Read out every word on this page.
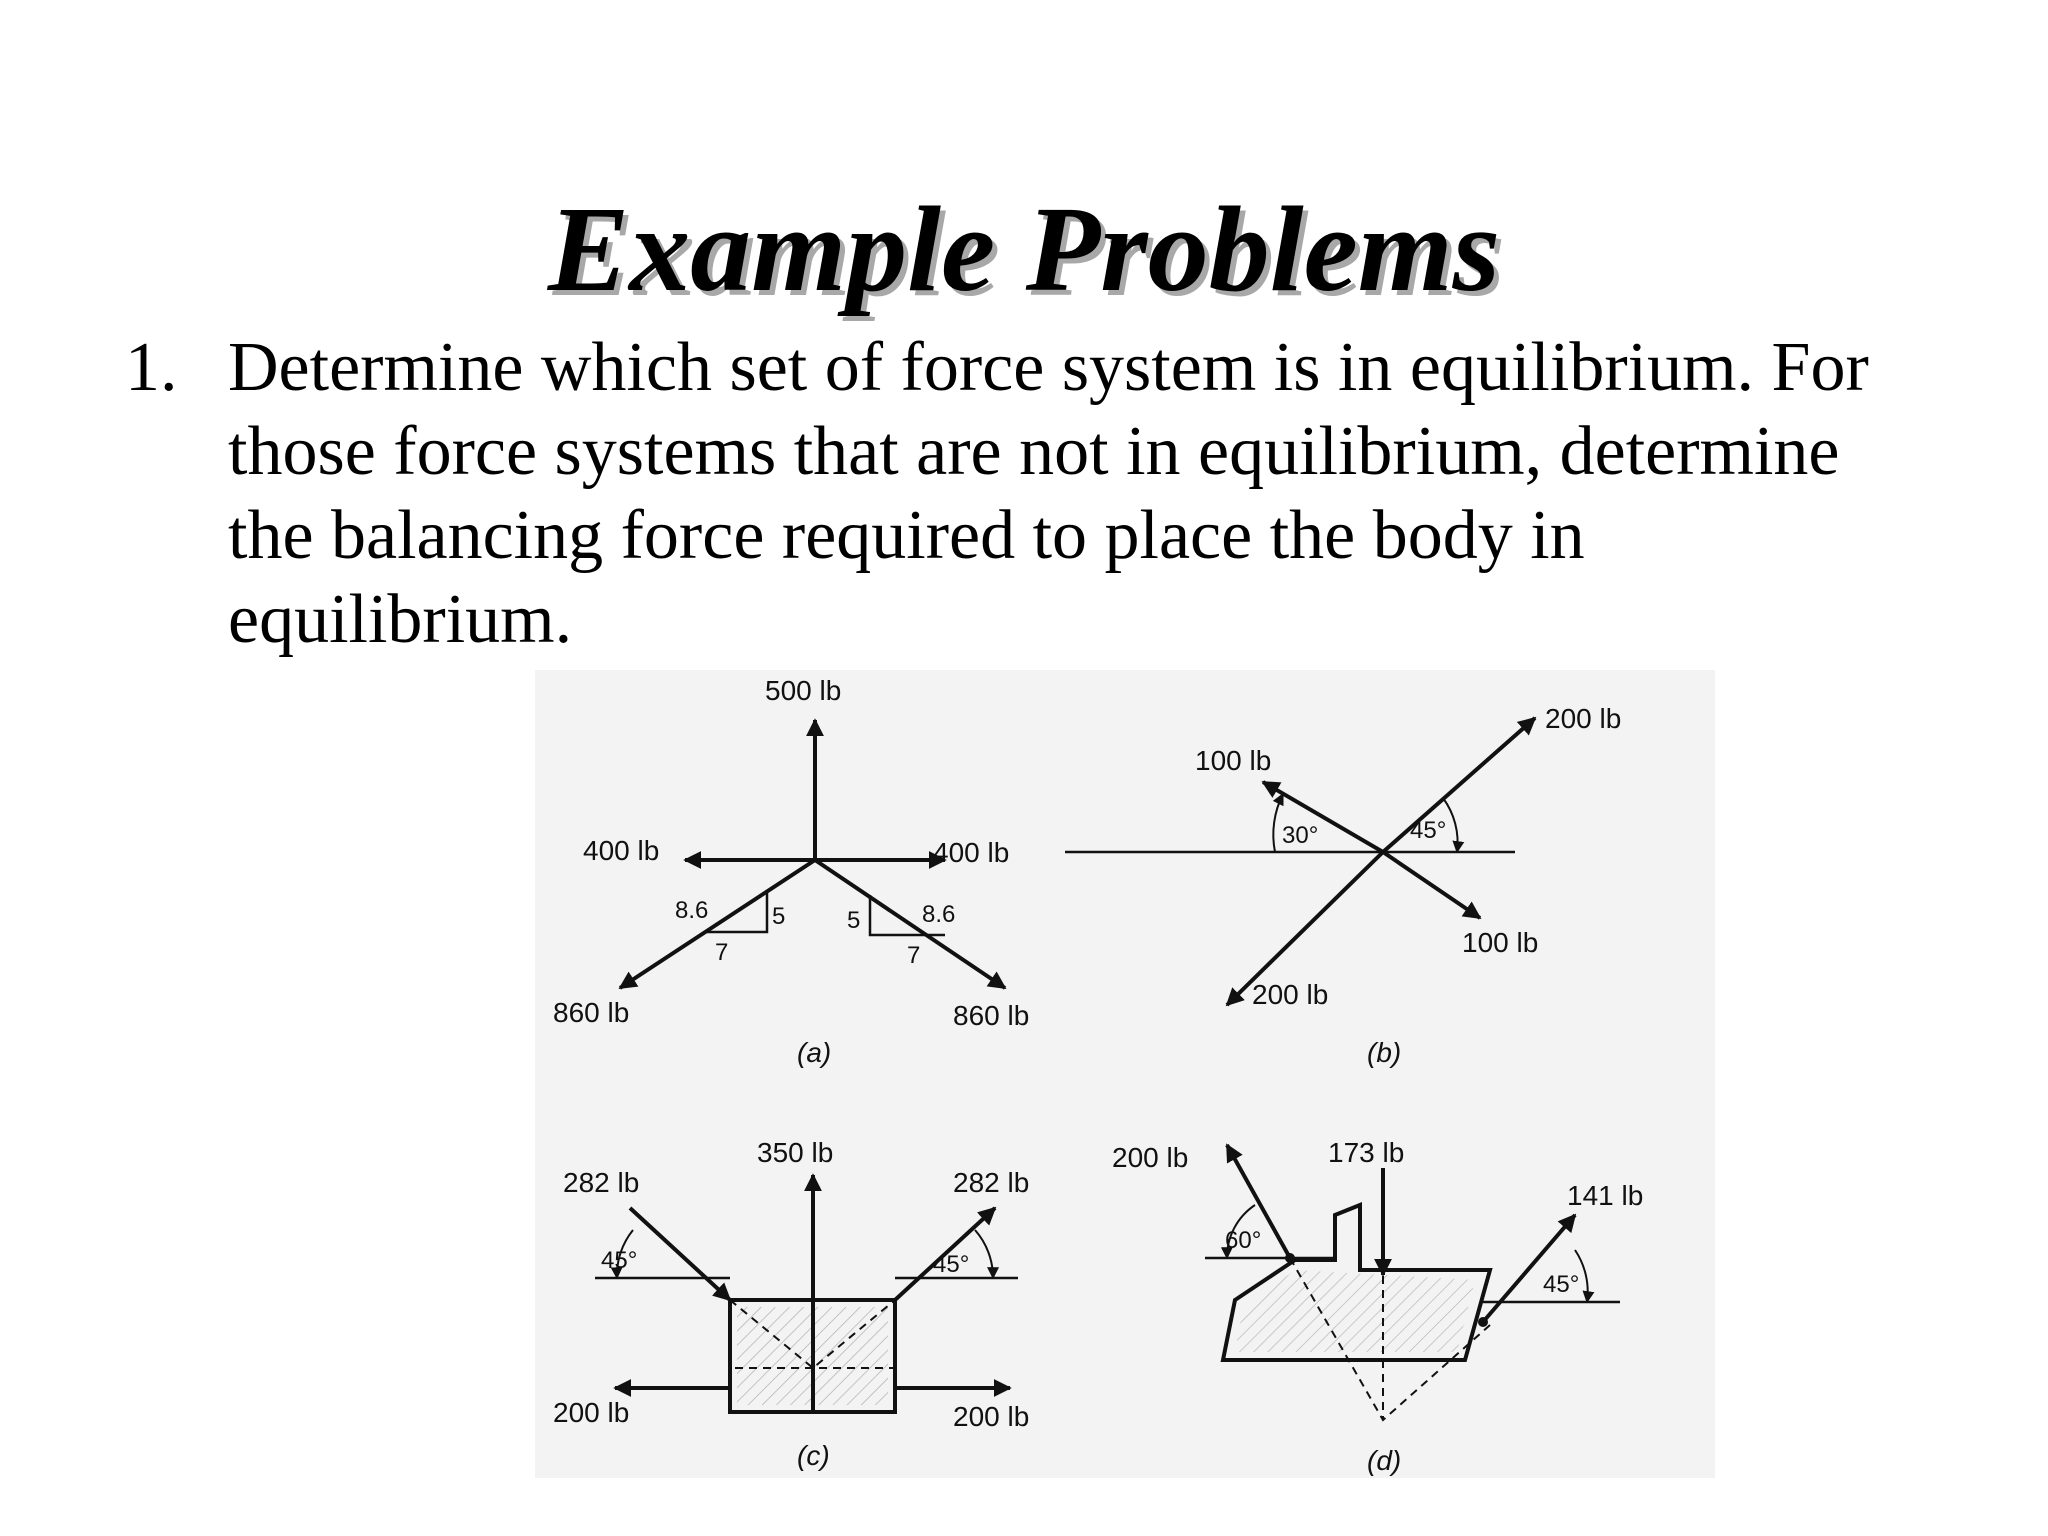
Example Problems
1. Determine which set of force system is in equilibrium. For
those force systems that are not in equilibrium, determine
the balancing force required to place the body in
equilibrium.
500 lb
400 lb	400 lb
860 lb	860 lb
8.6	5
7
5	8.6
7
(a)
200 lb
100 lb
100 lb
200 lb
30°	45°
(b)
350 lb
282 lb	282 lb
200 lb	200 lb
45°	45°
(c)
200 lb	173 lb
141 lb
60°
45°
(d)
